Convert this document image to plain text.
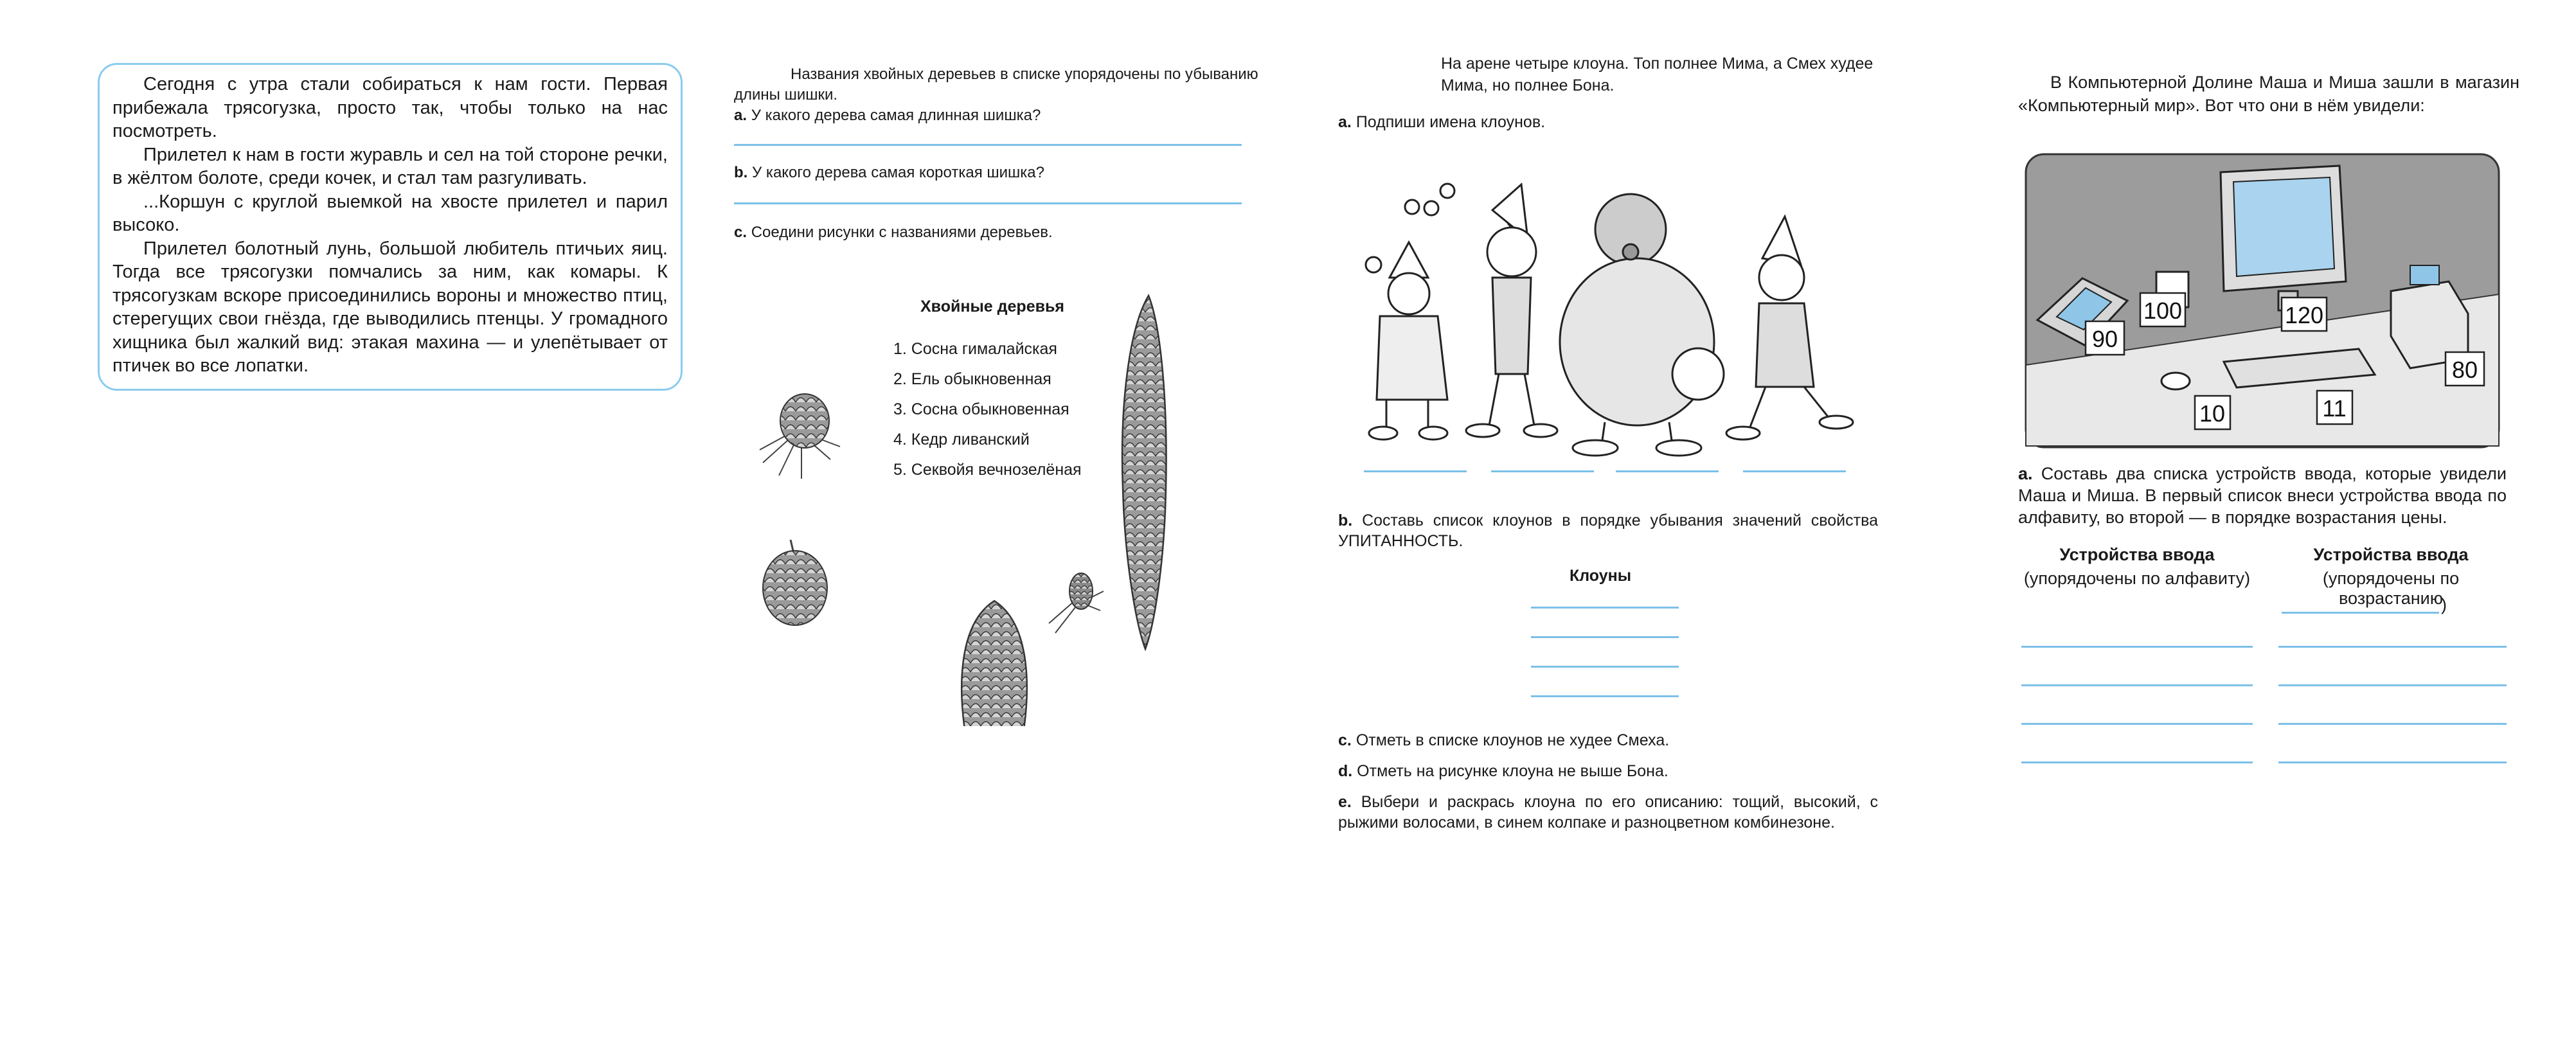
Сегодня с утра стали собираться к нам гости. Первая прибежала трясогузка, просто так, чтобы только на нас посмотреть.

Прилетел к нам в гости журавль и сел на той стороне речки, в жёлтом болоте, среди кочек, и стал там разгуливать.

...Коршун с круглой выемкой на хвосте прилетел и парил высоко.

Прилетел болотный лунь, большой любитель птичьих яиц. Тогда все трясогузки помчались за ним, как комары. К трясогузкам вскоре присоединились вороны и множество птиц, стерегущих свои гнёзда, где выводились птенцы. У громадного хищника был жалкий вид: этакая махина — и улепётывает от птичек во все лопатки.

Названия хвойных деревьев в списке упорядочены по убыванию длины шишки.

a. У какого дерева самая длинная шишка?

b. У какого дерева самая короткая шишка?

c. Соедини рисунки с названиями деревьев.

Хвойные деревья
1. Сосна гималайская
2. Ель обыкновенная
3. Сосна обыкновенная
4. Кедр ливанский
5. Секвойя вечнозелёная

На арене четыре клоуна. Топ полнее Мима, а Смех худее Мима, но полнее Бона.

a. Подпиши имена клоунов.

b. Составь список клоунов в порядке убывания значений свойства УПИТАННОСТЬ.

Клоуны

c. Отметь в списке клоунов не худее Смеха.

d. Отметь на рисунке клоуна не выше Бона.

e. Выбери и раскрась клоуна по его описанию: тощий, высокий, с рыжими волосами, в синем колпаке и разноцветном комбинезоне.

В Компьютерной Долине Маша и Миша зашли в магазин «Компьютерный мир». Вот что они в нём увидели:

100	120
90
10	11
80

a. Составь два списка устройств ввода, которые увидели Маша и Миша. В первый список внеси устройства ввода по алфавиту, во второй — в порядке возрастания цены.

Устройства ввода
(упорядочены по алфавиту)
Устройства ввода
(упорядочены по возрастанию
)
